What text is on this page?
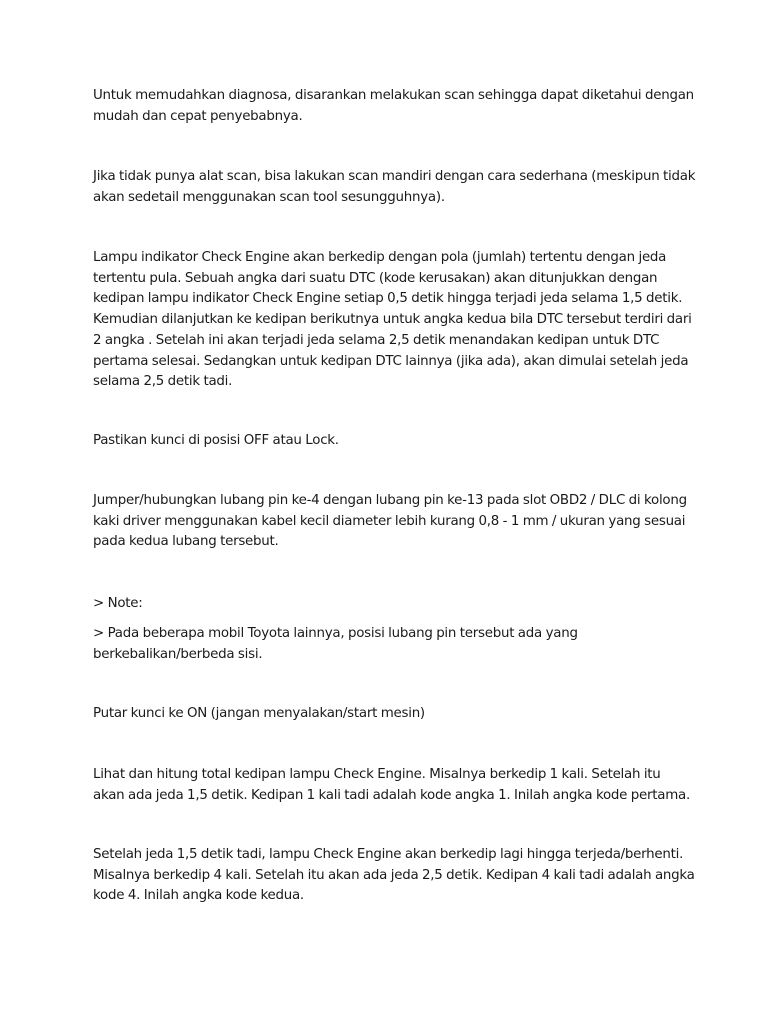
Untuk memudahkan diagnosa, disarankan melakukan scan sehingga dapat diketahui dengan
mudah dan cepat penyebabnya.

Jika tidak punya alat scan, bisa lakukan scan mandiri dengan cara sederhana (meskipun tidak
akan sedetail menggunakan scan tool sesungguhnya).

Lampu indikator Check Engine akan berkedip dengan pola (jumlah) tertentu dengan jeda
tertentu pula. Sebuah angka dari suatu DTC (kode kerusakan) akan ditunjukkan dengan
kedipan lampu indikator Check Engine setiap 0,5 detik hingga terjadi jeda selama 1,5 detik.
Kemudian dilanjutkan ke kedipan berikutnya untuk angka kedua bila DTC tersebut terdiri dari
2 angka . Setelah ini akan terjadi jeda selama 2,5 detik menandakan kedipan untuk DTC
pertama selesai. Sedangkan untuk kedipan DTC lainnya (jika ada), akan dimulai setelah jeda
selama 2,5 detik tadi.

Pastikan kunci di posisi OFF atau Lock.

Jumper/hubungkan lubang pin ke-4 dengan lubang pin ke-13 pada slot OBD2 / DLC di kolong
kaki driver menggunakan kabel kecil diameter lebih kurang 0,8 - 1 mm / ukuran yang sesuai
pada kedua lubang tersebut.

> Note:

> Pada beberapa mobil Toyota lainnya, posisi lubang pin tersebut ada yang
berkebalikan/berbeda sisi.

Putar kunci ke ON (jangan menyalakan/start mesin)

Lihat dan hitung total kedipan lampu Check Engine. Misalnya berkedip 1 kali. Setelah itu
akan ada jeda 1,5 detik. Kedipan 1 kali tadi adalah kode angka 1. Inilah angka kode pertama.

Setelah jeda 1,5 detik tadi, lampu Check Engine akan berkedip lagi hingga terjeda/berhenti.
Misalnya berkedip 4 kali. Setelah itu akan ada jeda 2,5 detik. Kedipan 4 kali tadi adalah angka
kode 4. Inilah angka kode kedua.
